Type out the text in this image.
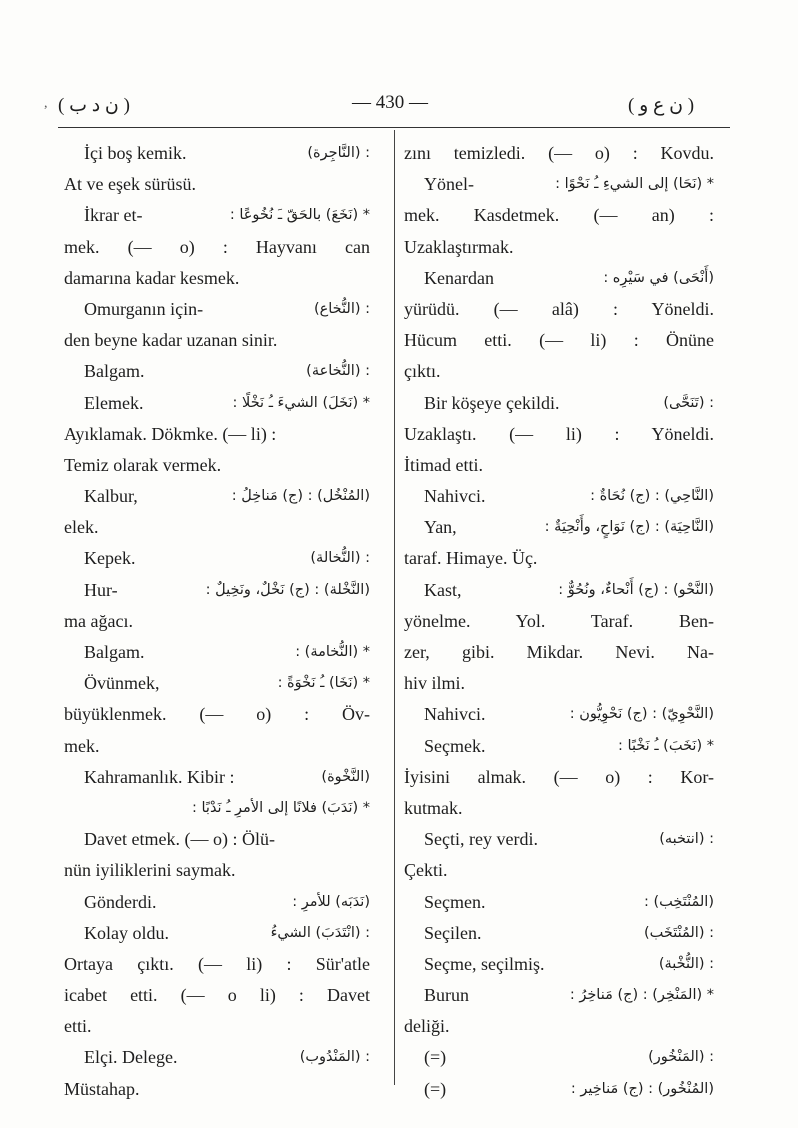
, ( ن د ب )	— 430 —	( ن ع و )
İçi boş kemik.	: (النَّاجِرة)
At ve eşek sürüsü.
İkrar et-	* (نَخَعَ) بالحَقّ ـَ نُخُوعًا :
mek. (— o) : Hayvanı can
damarına kadar kesmek.
Omurganın için-	: (النُّخاع)
den beyne kadar uzanan sinir.
Balgam.	: (النُّخاعة)
Elemek.	* (نَخَلَ) الشيءَ ـُ نَخْلًا :
Ayıklamak. Dökmke. (— li) :
Temiz olarak vermek.
Kalbur,	(المُنْخُل) : (ج) مَناخِلُ :
elek.
Kepek.	: (النُّخالة)
Hur-	(النَّخْلة) : (ج) نَخْلٌ، ونَخِيلٌ :
ma ağacı.
Balgam.	* (النُّخامة) :
Övünmek,	* (نَخَا) ـُ نَخْوَةً :
büyüklenmek. (— o) : Öv-
mek.
Kahramanlık. Kibir :	(النَّخْوة)
* (نَدَبَ) فلانًا إلى الأمرِ ـُ نَدْبًا :
Davet etmek. (— o) : Ölü-
nün iyiliklerini saymak.
Gönderdi.	(نَدَبَه) للأمرِ :
Kolay oldu.	: (انْتَدَبَ) الشيءُ
Ortaya çıktı. (— li) : Sür'atle
icabet etti. (— o li) : Davet
etti.
Elçi. Delege.	: (المَنْدُوب)
Müstahap.
zını temizledi. (— o) : Kovdu.
Yönel-	* (نَحَا) إلى الشيءِ ـُ نَحْوًا :
mek. Kasdetmek. (— an) :
Uzaklaştırmak.
Kenardan	(أَنْحَى) في سَيْرِه :
yürüdü. (— alâ) : Yöneldi.
Hücum etti. (— li) : Önüne
çıktı.
Bir köşeye çekildi.	: (تَنَحَّى)
Uzaklaştı. (— li) : Yöneldi.
İtimad etti.
Nahivci.	(النَّاحِي) : (ج) نُحَاةٌ :
Yan,	(النَّاحِيَة) : (ج) نَوَاحٍ، وأَنْحِيَةٌ :
taraf. Himaye. Üç.
Kast,	(النَّحْو) : (ج) أَنْحاءٌ، ونُحُوٌّ :
yönelme. Yol. Taraf. Ben-
zer, gibi. Mikdar. Nevi. Na-
hiv ilmi.
Nahivci.	(النَّحْوِيّ) : (ج) نَحْوِيُّون :
Seçmek.	* (نَخَبَ) ـُ نَخْبًا :
İyisini almak. (— o) : Kor-
kutmak.
Seçti, rey verdi.	: (انتخبه)
Çekti.
Seçmen.	(المُنْتَخِب) :
Seçilen.	: (المُنْتَخَب)
Seçme, seçilmiş.	: (النُّخْبة)
Burun	* (المَنْخِر) : (ج) مَناخِرُ :
deliği.
(=)	: (المَنْخُور)
(=)	(المُنْخُور) : (ج) مَناخِير :
